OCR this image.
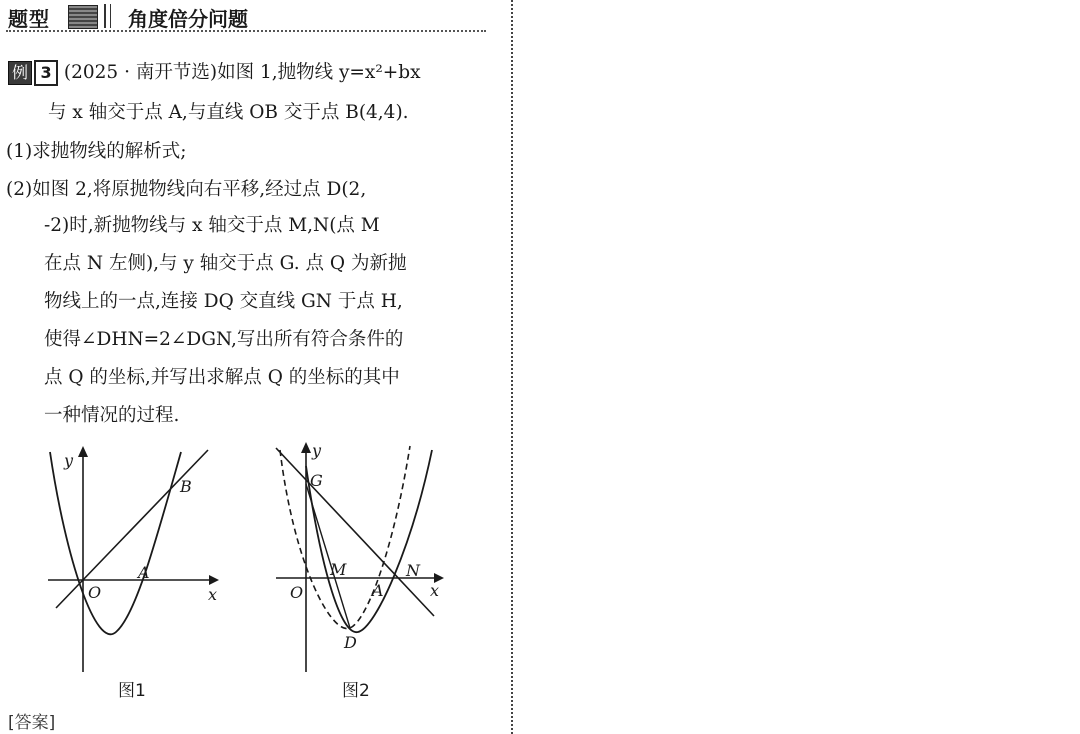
题型	角度倍分问题
例 3 (2025 · 南开节选)如图 1,抛物线 y=x²+bx
与 x 轴交于点 A,与直线 OB 交于点 B(4,4).
(1)求抛物线的解析式;
(2)如图 2,将原抛物线向右平移,经过点 D(2,
-2)时,新抛物线与 x 轴交于点 M,N(点 M
在点 N 左侧),与 y 轴交于点 G. 点 Q 为新抛
物线上的一点,连接 DQ 交直线 GN 于点 H,
使得∠DHN=2∠DGN,写出所有符合条件的
点 Q 的坐标,并写出求解点 Q 的坐标的其中
一种情况的过程.
y
x
O
A
B
图1
y
G
x
O
M
A
N
D
图2
[答案]
